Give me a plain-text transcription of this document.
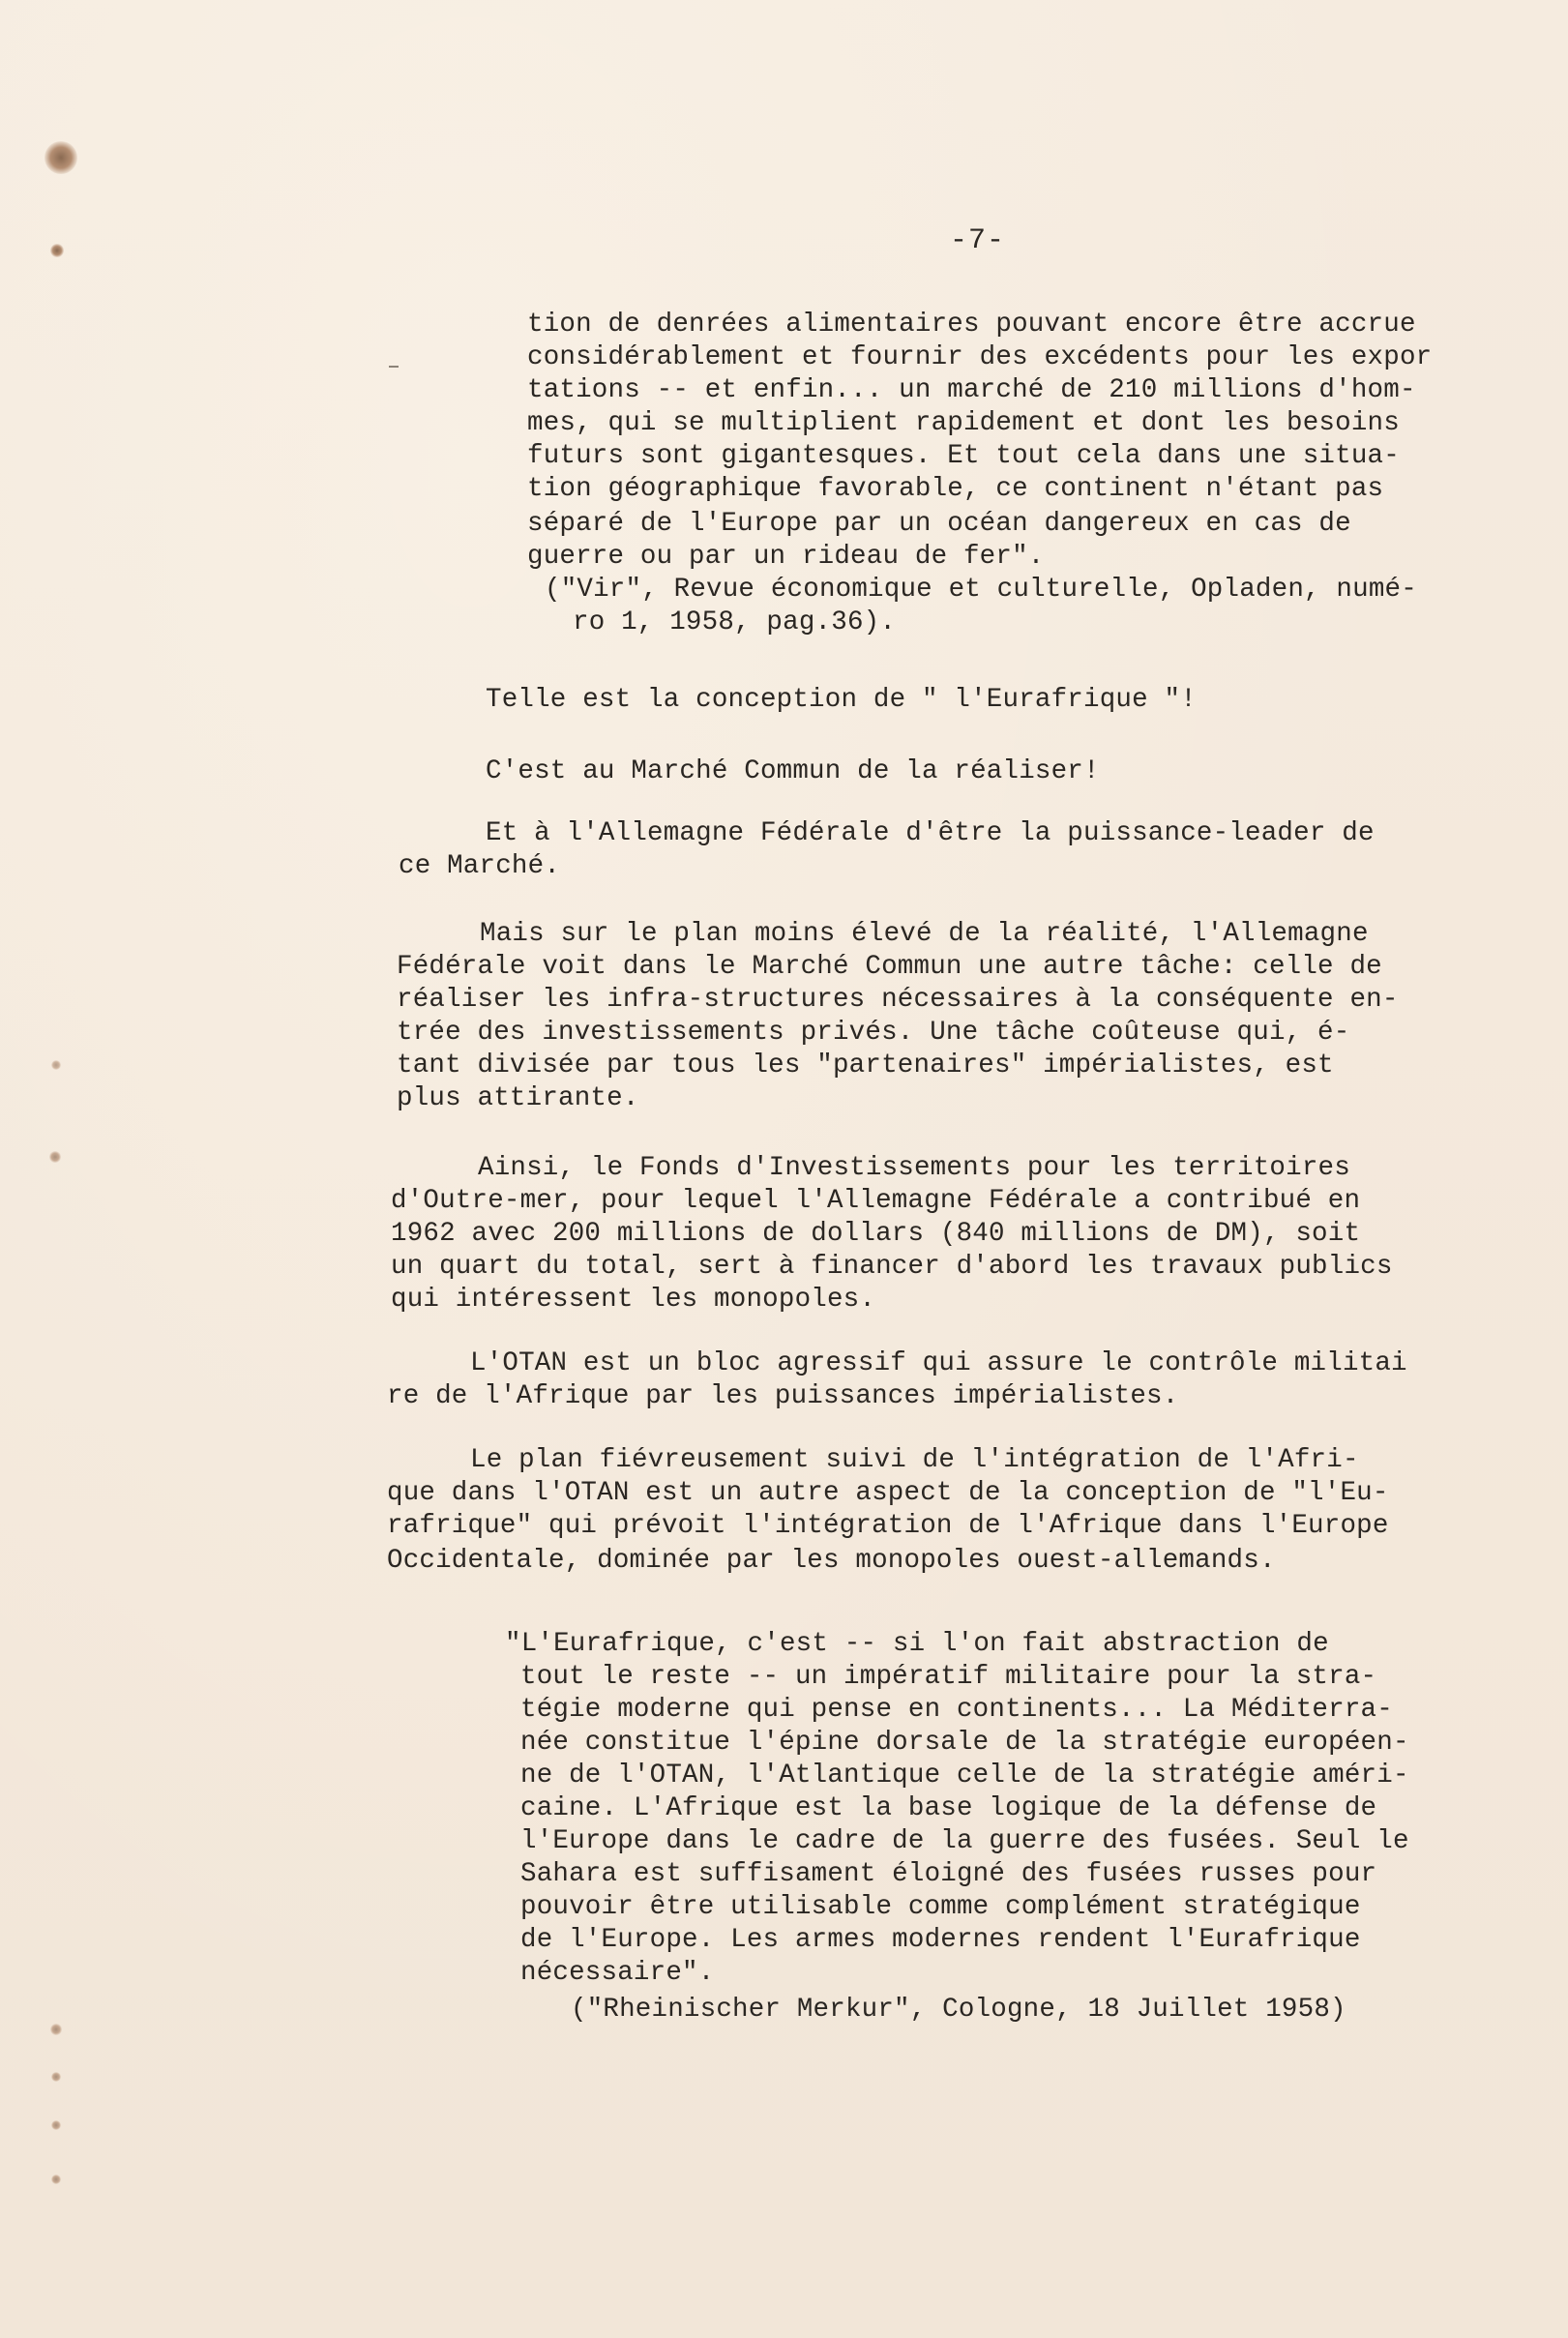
-7-
tion de denrées alimentaires pouvant encore être accrue
considérablement et fournir des excédents pour les expor
tations -- et enfin... un marché de 210 millions d'hom-
mes, qui se multiplient rapidement et dont les besoins
futurs sont gigantesques. Et tout cela dans une situa-
tion géographique favorable, ce continent n'étant pas
séparé de l'Europe par un océan dangereux en cas de
guerre ou par un rideau de fer".
("Vir", Revue économique et culturelle, Opladen, numé-
ro 1, 1958, pag.36).
Telle est la conception de " l'Eurafrique "!
C'est au Marché Commun de la réaliser!
Et à l'Allemagne Fédérale d'être la puissance-leader de
ce Marché.
Mais sur le plan moins élevé de la réalité, l'Allemagne
Fédérale voit dans le Marché Commun une autre tâche: celle de
réaliser les infra-structures nécessaires à la conséquente en-
trée des investissements privés. Une tâche coûteuse qui, é-
tant divisée par tous les "partenaires" impérialistes, est
plus attirante.
Ainsi, le Fonds d'Investissements pour les territoires
d'Outre-mer, pour lequel l'Allemagne Fédérale a contribué en
1962 avec 200 millions de dollars (840 millions de DM), soit
un quart du total, sert à financer d'abord les travaux publics
qui intéressent les monopoles.
L'OTAN est un bloc agressif qui assure le contrôle militai
re de l'Afrique par les puissances impérialistes.
Le plan fiévreusement suivi de l'intégration de l'Afri-
que dans l'OTAN est un autre aspect de la conception de "l'Eu-
rafrique" qui prévoit l'intégration de l'Afrique dans l'Europe
Occidentale, dominée par les monopoles ouest-allemands.
"L'Eurafrique, c'est -- si l'on fait abstraction de
tout le reste -- un impératif militaire pour la stra-
tégie moderne qui pense en continents... La Méditerra-
née constitue l'épine dorsale de la stratégie européen-
ne de l'OTAN, l'Atlantique celle de la stratégie améri-
caine. L'Afrique est la base logique de la défense de
l'Europe dans le cadre de la guerre des fusées. Seul le
Sahara est suffisament éloigné des fusées russes pour
pouvoir être utilisable comme complément stratégique
de l'Europe. Les armes modernes rendent l'Eurafrique
nécessaire".
("Rheinischer Merkur", Cologne, 18 Juillet 1958)
